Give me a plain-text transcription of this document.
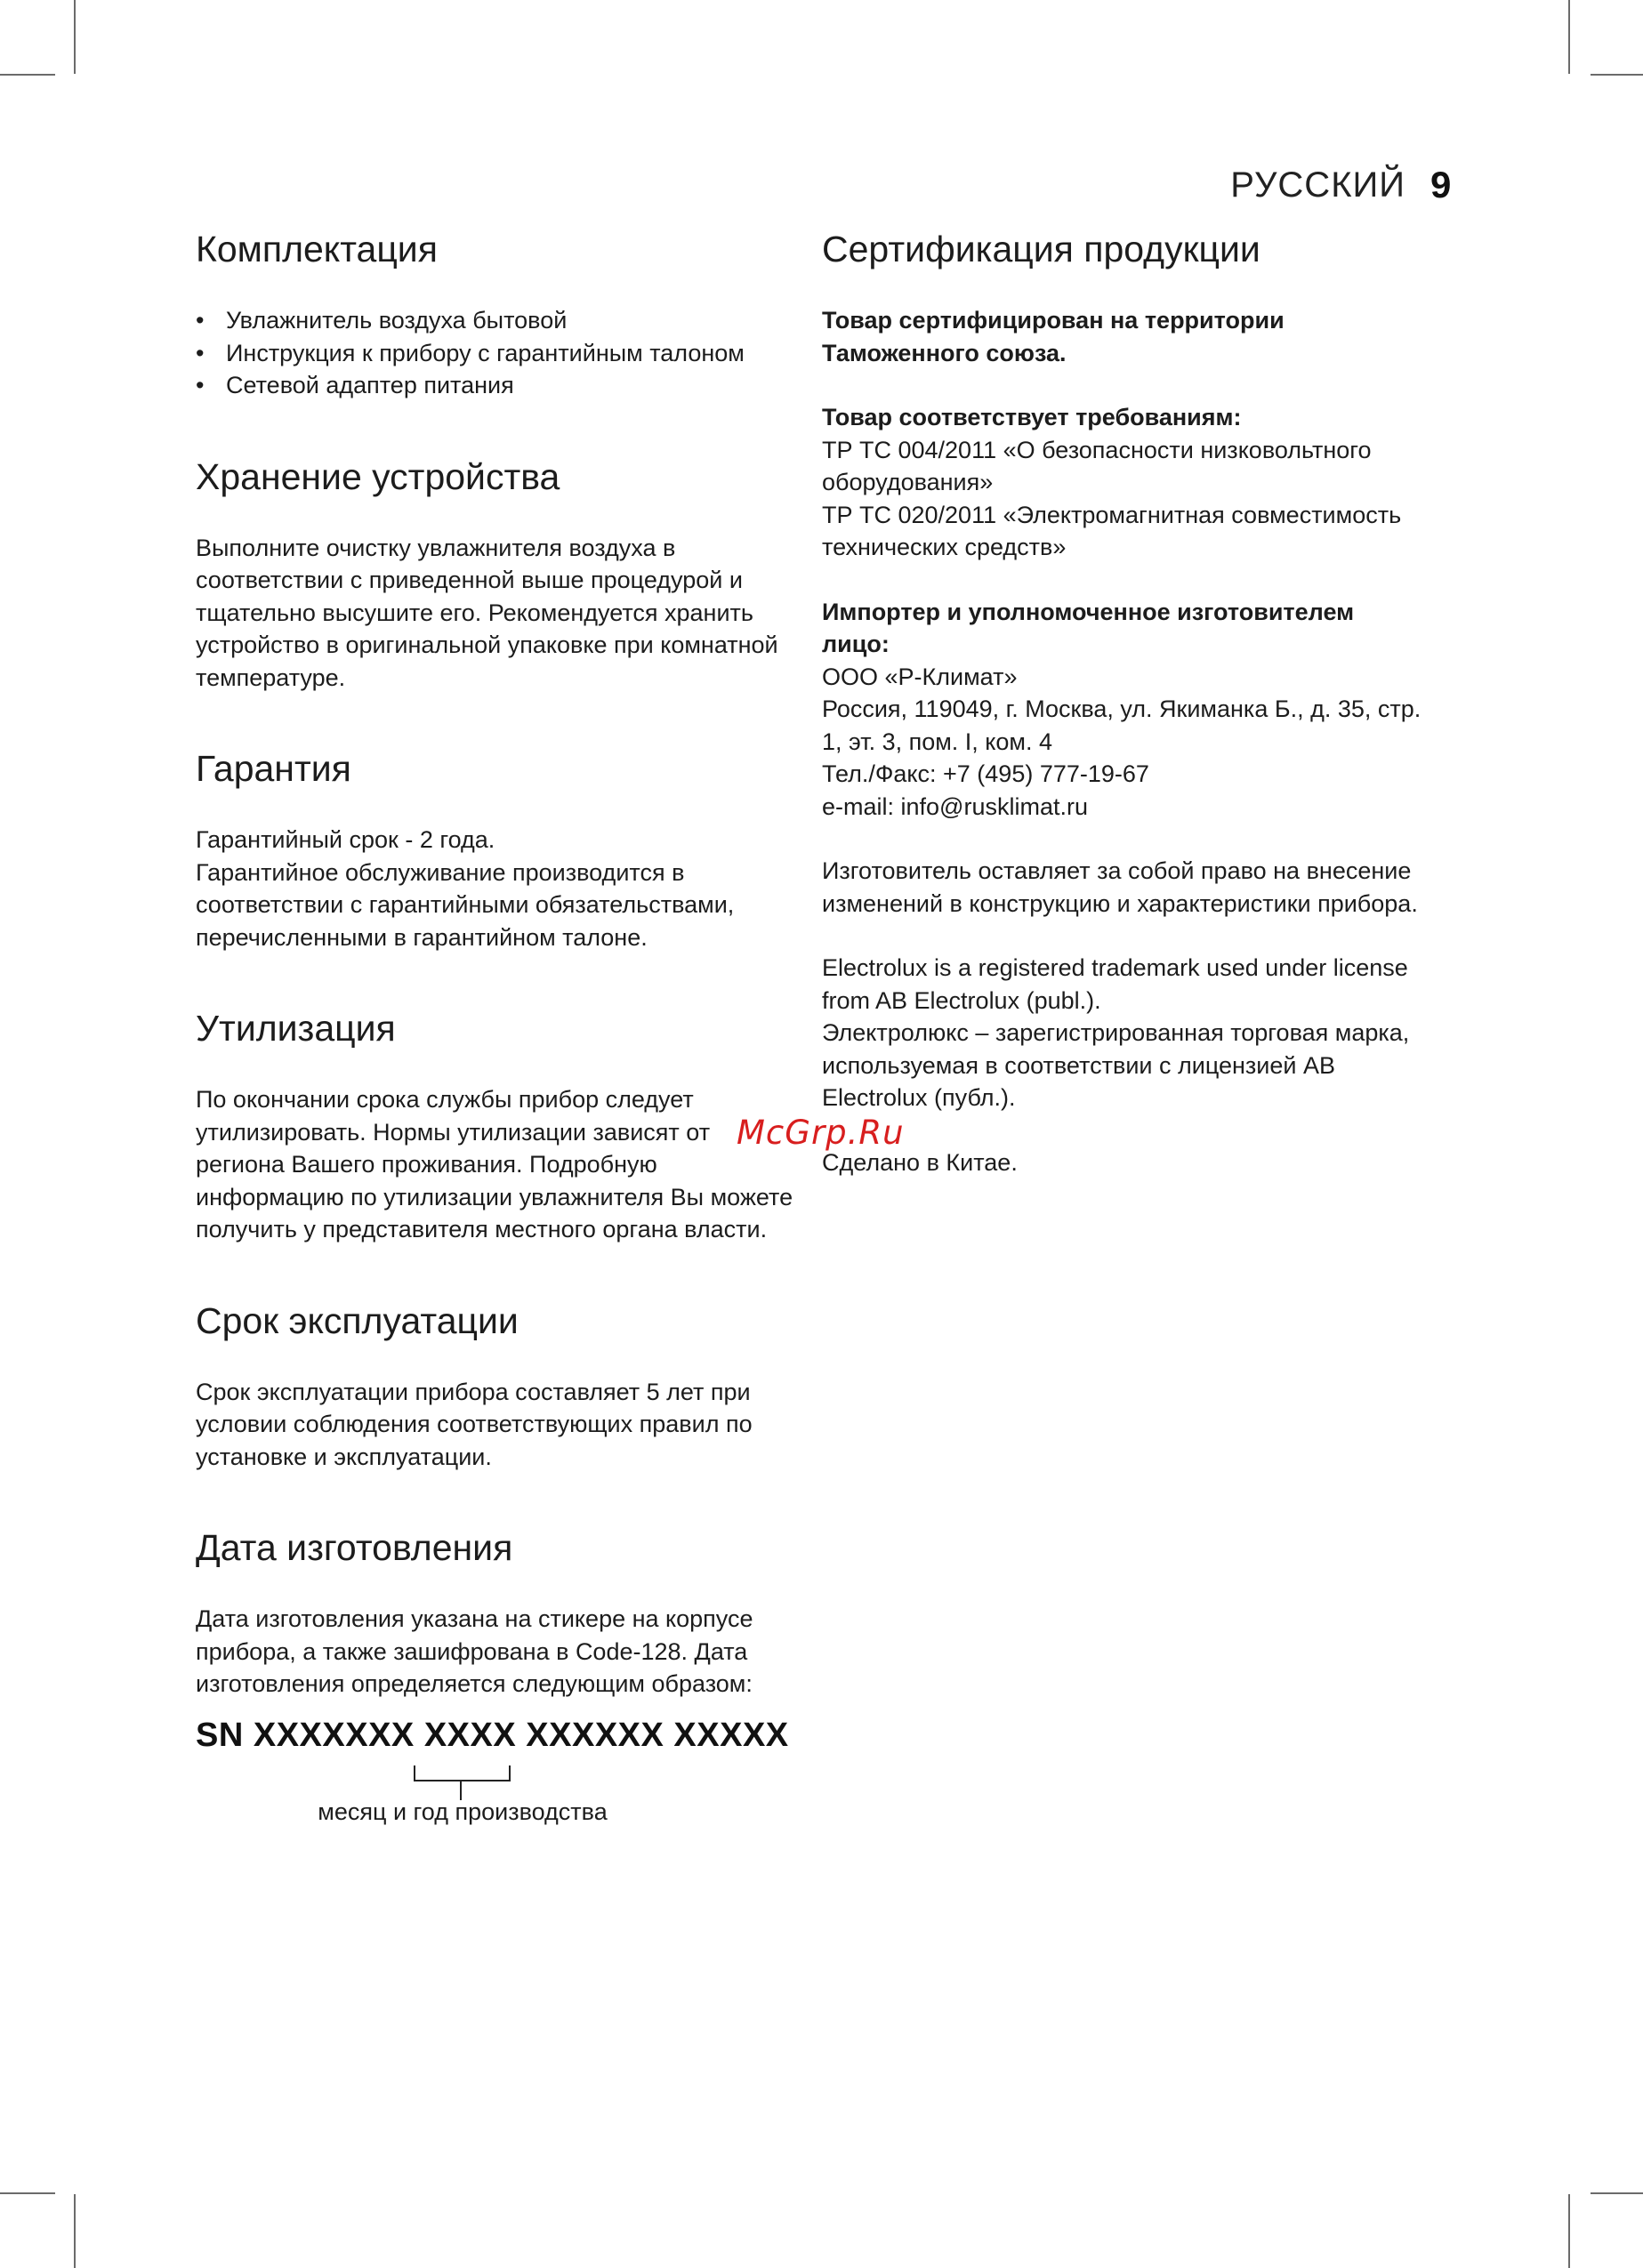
РУССКИЙ 9
Комплектация
• Увлажнитель воздуха бытовой
• Инструкция к прибору с гарантийным талоном
• Сетевой адаптер питания
Хранение устройства

Выполните очистку увлажнителя воздуха в соответствии с приведенной выше процедурой и тщательно высушите его. Рекомендуется хранить устройство в оригинальной упаковке при комнатной температуре.

Гарантия

Гарантийный срок - 2 года.

Гарантийное обслуживание производится в соответствии с гарантийными обязательствами, перечисленными в гарантийном талоне.

Утилизация

По окончании срока службы прибор следует утилизировать. Нормы утилизации зависят от региона Вашего проживания. Подробную информацию по утилизации увлажнителя Вы можете получить у представителя местного органа власти.

Срок эксплуатации

Срок эксплуатации прибора составляет 5 лет при условии соблюдения соответствующих правил по установке и эксплуатации.

Дата изготовления

Дата изготовления указана на стикере на корпусе прибора, а также зашифрована в Code-128. Дата изготовления определяется следующим образом:

SN XXXXXXX XXXX XXXXXX XXXXX
месяц и год производства
Сертификация продукции

Товар сертифицирован на территории Таможенного союза.

Товар соответствует требованиям:

ТР ТС 004/2011 «О безопасности низковольтного оборудования»

ТР ТС 020/2011 «Электромагнитная совместимость технических средств»

Импортер и уполномоченное изготовителем лицо:

ООО «Р-Климат»

Россия, 119049, г. Москва, ул. Якиманка Б., д. 35, стр. 1, эт. 3, пом. I, ком. 4

Тел./Факс: +7 (495) 777-19-67

e-mail: info@rusklimat.ru

Изготовитель оставляет за собой право на внесение изменений в конструкцию и характеристики прибора.

Electrolux is a registered trademark used under license from AB Electrolux (publ.).

Электролюкс – зарегистрированная торговая марка, используемая в соответствии с лицензией AB Electrolux (публ.).

Сделано в Китае.

McGrp.Ru
